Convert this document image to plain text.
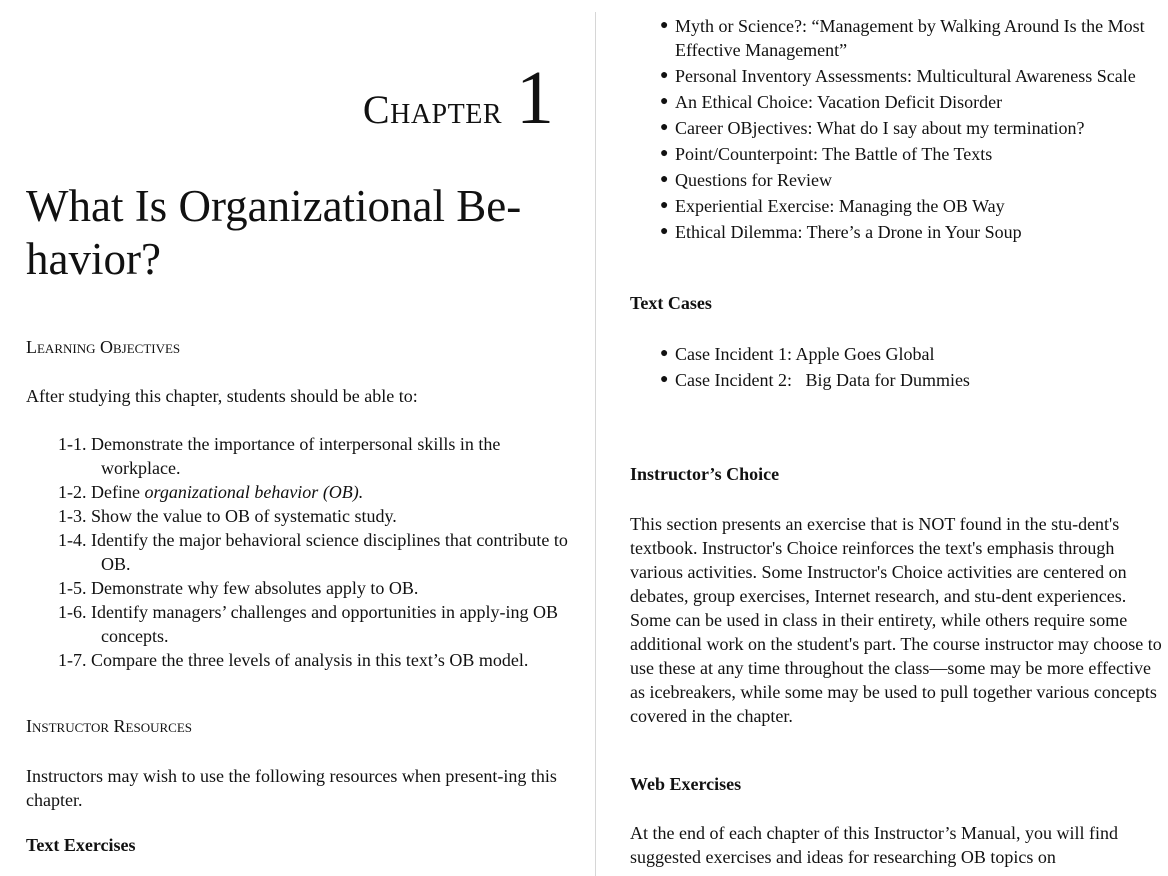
Chapter 1
What Is Organizational Be-havior?
Learning Objectives

After studying this chapter, students should be able to:

1-1. Demonstrate the importance of interpersonal skills in the workplace.
1-2. Define organizational behavior (OB).
1-3. Show the value to OB of systematic study.
1-4. Identify the major behavioral science disciplines that contribute to OB.
1-5. Demonstrate why few absolutes apply to OB.
1-6. Identify managers’ challenges and opportunities in apply-ing OB concepts.
1-7. Compare the three levels of analysis in this text’s OB model.
Instructor Resources

Instructors may wish to use the following resources when present-ing this chapter.

Text Exercises

● Myth or Science?: “Management by Walking Around Is the Most Effective Management”
● Personal Inventory Assessments: Multicultural Awareness Scale
● An Ethical Choice: Vacation Deficit Disorder
● Career OBjectives: What do I say about my termination?
● Point/Counterpoint: The Battle of The Texts
● Questions for Review
● Experiential Exercise: Managing the OB Way
● Ethical Dilemma: There’s a Drone in Your Soup

Text Cases

● Case Incident 1: Apple Goes Global
● Case Incident 2:   Big Data for Dummies

Instructor’s Choice

This section presents an exercise that is NOT found in the stu-dent's textbook. Instructor's Choice reinforces the text's emphasis through various activities. Some Instructor's Choice activities are centered on debates, group exercises, Internet research, and stu-dent experiences. Some can be used in class in their entirety, while others require some additional work on the student's part. The course instructor may choose to use these at any time throughout the class—some may be more effective as icebreakers, while some may be used to pull together various concepts covered in the chapter.

Web Exercises

At the end of each chapter of this Instructor’s Manual, you will find suggested exercises and ideas for researching OB topics on
